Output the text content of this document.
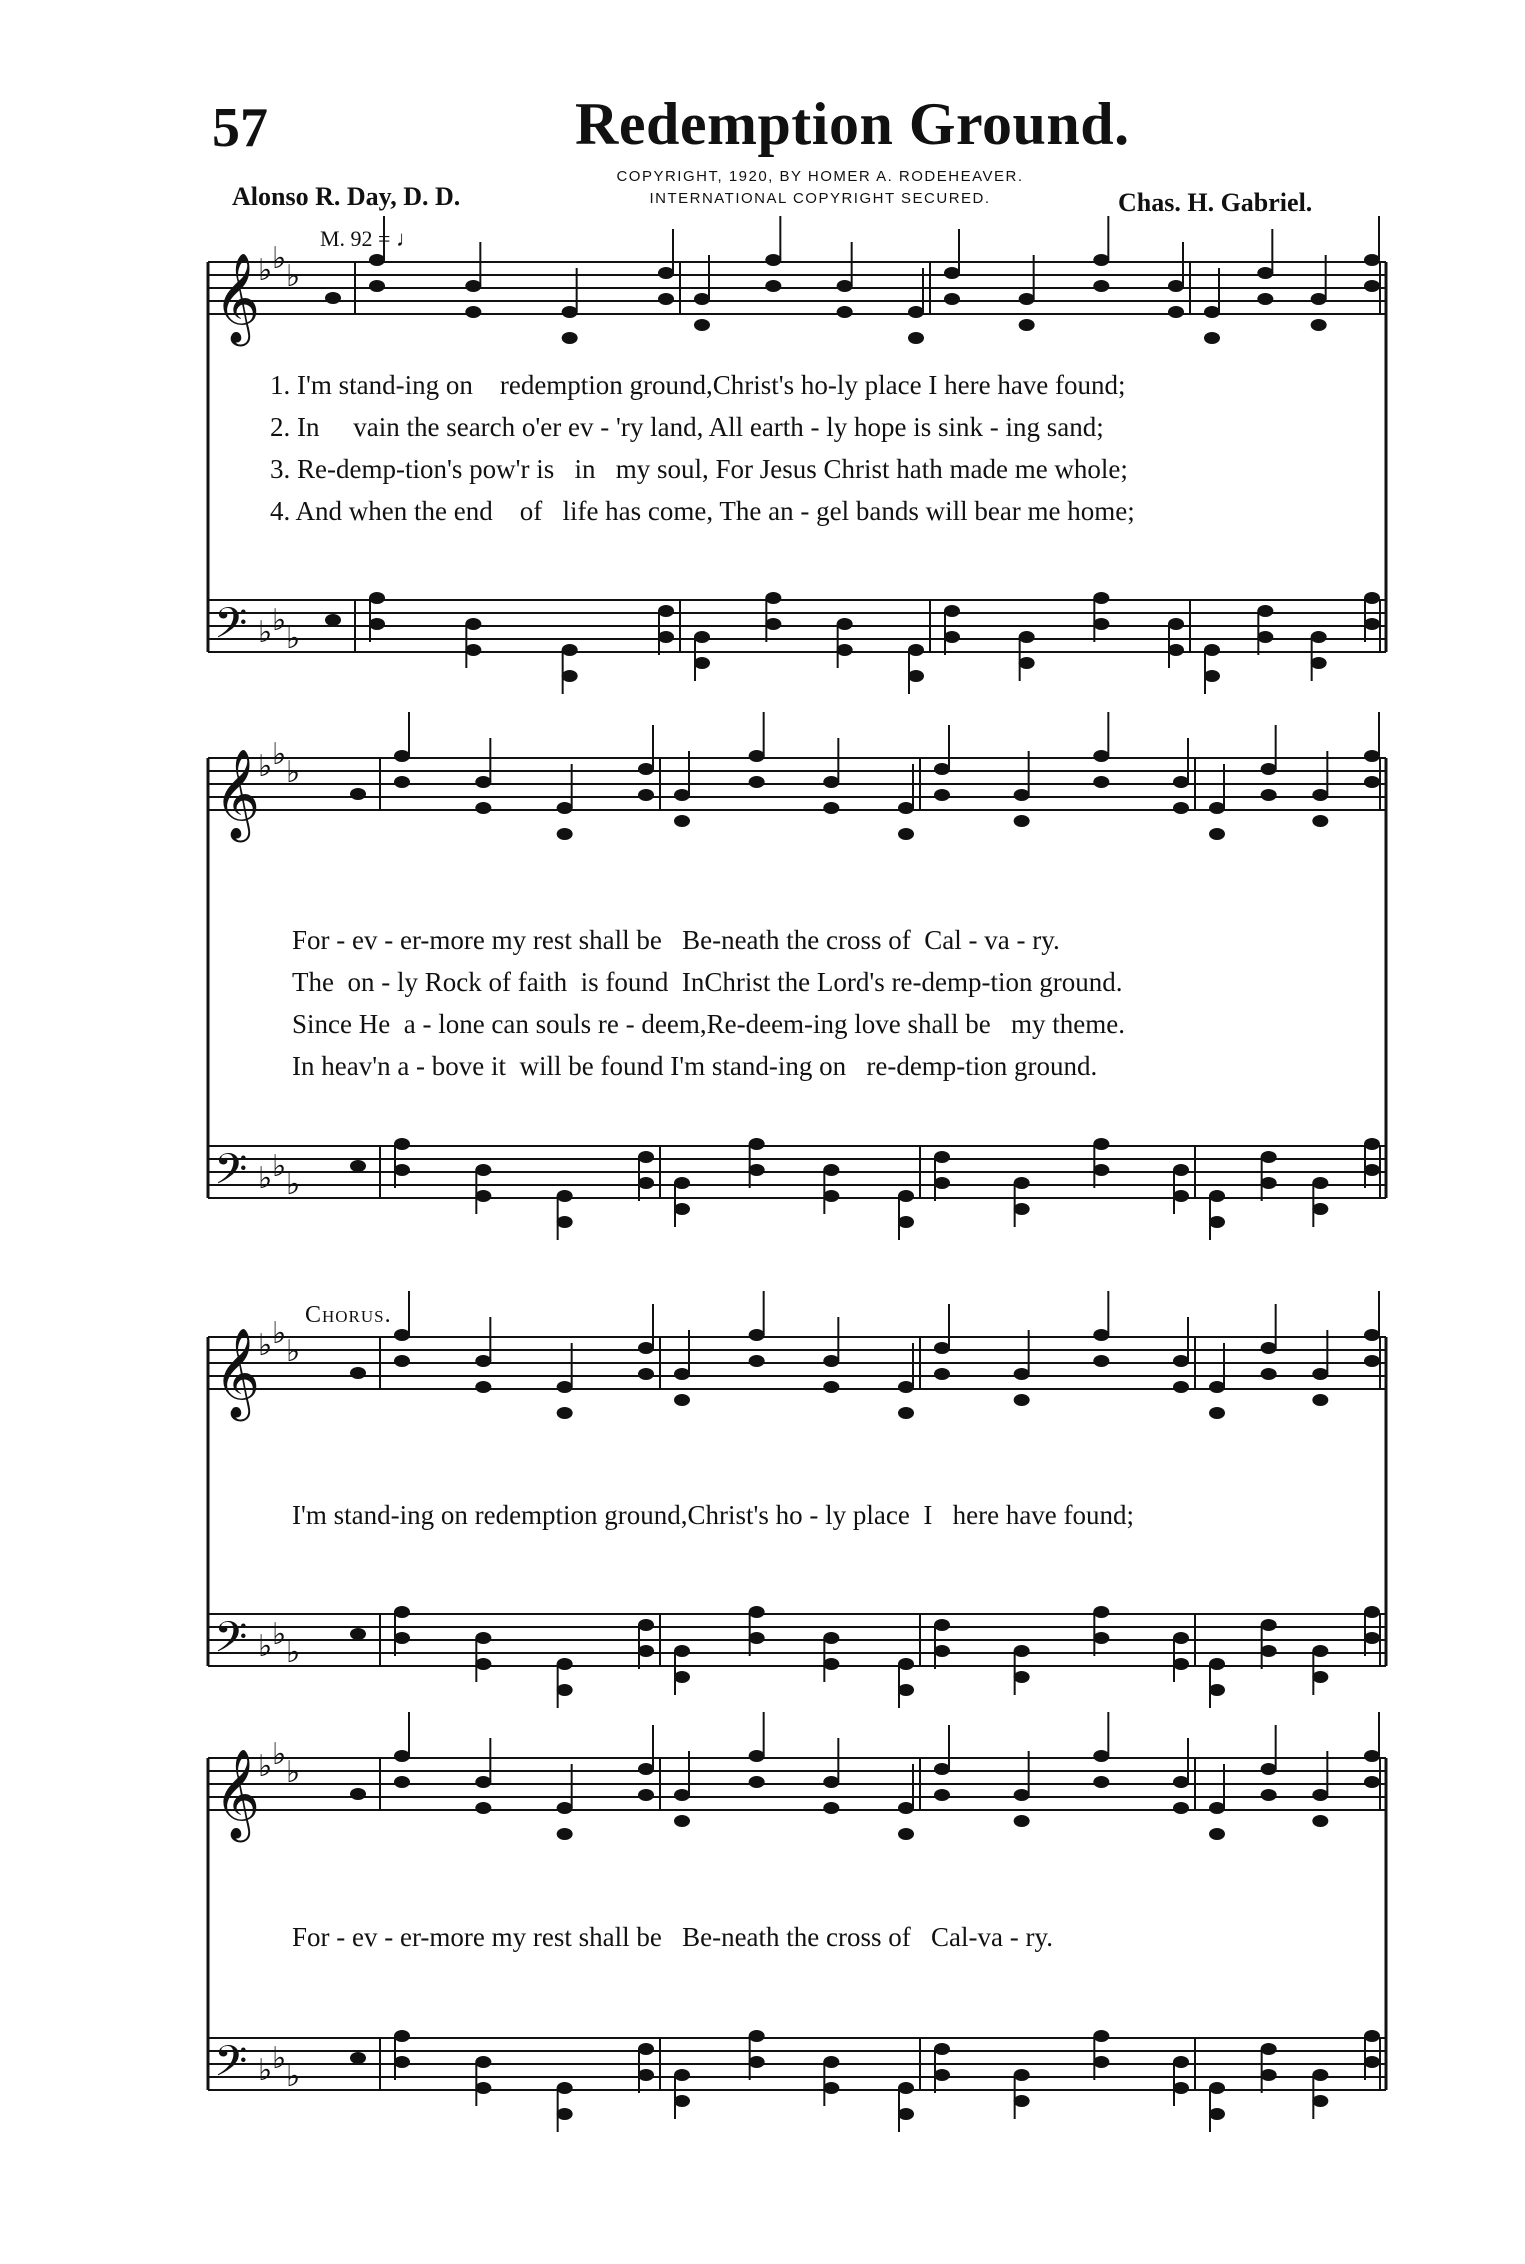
57	Redemption Ground.
COPYRIGHT, 1920, BY HOMER A. RODEHEAVER.
INTERNATIONAL COPYRIGHT SECURED.
Alonso R. Day, D. D.	Chas. H. Gabriel.
M. 92 = ♩
𝄞
♭ ♭
♭
𝄢 ♭ ♭
♭
𝄞
♭ ♭
♭
𝄢 ♭ ♭
♭
𝄞
♭ ♭
♭
𝄢 ♭ ♭
♭
𝄞
♭ ♭
♭
𝄢 ♭ ♭
♭
1. I'm stand-ing on    redemption ground,Christ's ho-ly place I here have found;
2. In     vain the search o'er ev - 'ry land, All earth - ly hope is sink - ing sand;
3. Re-demp-tion's pow'r is   in   my soul, For Jesus Christ hath made me whole;
4. And when the end    of   life has come, The an - gel bands will bear me home;
For - ev - er-more my rest shall be   Be-neath the cross of  Cal - va - ry.
The  on - ly Rock of faith  is found  InChrist the Lord's re-demp-tion ground.
Since He  a - lone can souls re - deem,Re-deem-ing love shall be   my theme.
In heav'n a - bove it  will be found I'm stand-ing on   re-demp-tion ground.
Chorus.
I'm stand-ing on redemption ground,Christ's ho - ly place  I   here have found;
For - ev - er-more my rest shall be   Be-neath the cross of   Cal-va - ry.
